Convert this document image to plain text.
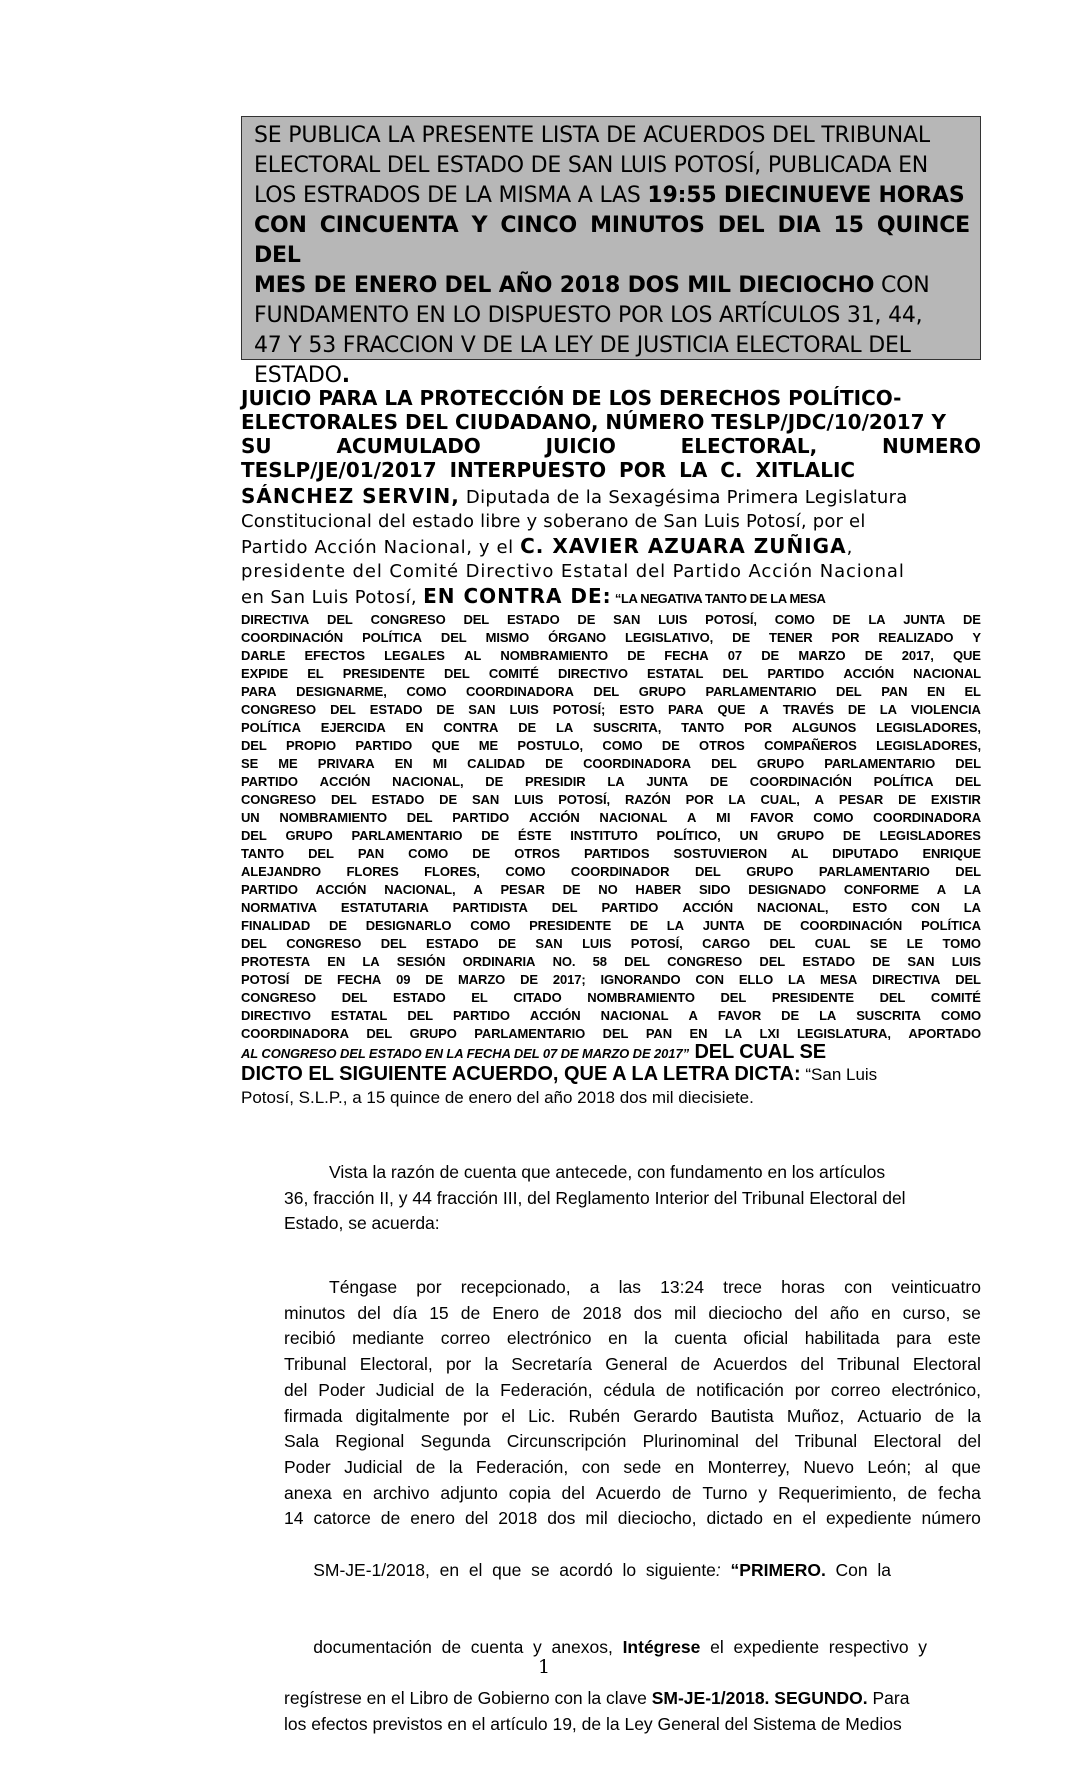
SE PUBLICA LA PRESENTE LISTA DE ACUERDOS DEL TRIBUNAL
ELECTORAL DEL ESTADO DE SAN LUIS POTOSÍ, PUBLICADA EN
LOS ESTRADOS DE LA MISMA A LAS 19:55 DIECINUEVE HORAS
CON CINCUENTA Y CINCO MINUTOS DEL DIA 15 QUINCE DEL
MES DE ENERO DEL AÑO 2018 DOS MIL DIECIOCHO CON
FUNDAMENTO EN LO DISPUESTO POR LOS ARTÍCULOS 31, 44,
47 Y 53 FRACCION V DE LA LEY DE JUSTICIA ELECTORAL DEL
ESTADO.
JUICIO PARA LA PROTECCIÓN DE LOS DERECHOS POLÍTICO-
ELECTORALES DEL CIUDADANO, NÚMERO TESLP/JDC/10/2017 Y
SU	ACUMULADO	JUICIO	ELECTORAL,	NUMERO
TESLP/JE/01/2017 INTERPUESTO POR LA C. XITLALIC
SÁNCHEZ SERVIN, Diputada de la Sexagésima Primera Legislatura
Constitucional del estado libre y soberano de San Luis Potosí, por el
Partido Acción Nacional, y el C. XAVIER AZUARA ZUÑIGA,
presidente del Comité Directivo Estatal del Partido Acción Nacional
en San Luis Potosí, EN CONTRA DE: “LA NEGATIVA TANTO DE LA MESA
DIRECTIVA DEL CONGRESO DEL ESTADO DE SAN LUIS POTOSÍ, COMO DE LA JUNTA DE
COORDINACIÓN POLÍTICA DEL MISMO ÓRGANO LEGISLATIVO, DE TENER POR REALIZADO Y
DARLE EFECTOS LEGALES AL NOMBRAMIENTO DE FECHA 07 DE MARZO DE 2017, QUE
EXPIDE EL PRESIDENTE DEL COMITÉ DIRECTIVO ESTATAL DEL PARTIDO ACCIÓN NACIONAL
PARA DESIGNARME, COMO COORDINADORA DEL GRUPO PARLAMENTARIO DEL PAN EN EL
CONGRESO DEL ESTADO DE SAN LUIS POTOSÍ; ESTO PARA QUE A TRAVÉS DE LA VIOLENCIA
POLÍTICA EJERCIDA EN CONTRA DE LA SUSCRITA, TANTO POR ALGUNOS LEGISLADORES,
DEL PROPIO PARTIDO QUE ME POSTULO, COMO DE OTROS COMPAÑEROS LEGISLADORES,
SE ME PRIVARA EN MI CALIDAD DE COORDINADORA DEL GRUPO PARLAMENTARIO DEL
PARTIDO ACCIÓN NACIONAL, DE PRESIDIR LA JUNTA DE COORDINACIÓN POLÍTICA DEL
CONGRESO DEL ESTADO DE SAN LUIS POTOSÍ, RAZÓN POR LA CUAL, A PESAR DE EXISTIR
UN NOMBRAMIENTO DEL PARTIDO ACCIÓN NACIONAL A MI FAVOR COMO COORDINADORA
DEL GRUPO PARLAMENTARIO DE ÉSTE INSTITUTO POLÍTICO, UN GRUPO DE LEGISLADORES
TANTO DEL PAN COMO DE OTROS PARTIDOS SOSTUVIERON AL DIPUTADO ENRIQUE
ALEJANDRO FLORES FLORES, COMO COORDINADOR DEL GRUPO PARLAMENTARIO DEL
PARTIDO ACCIÓN NACIONAL, A PESAR DE NO HABER SIDO DESIGNADO CONFORME A LA
NORMATIVA ESTATUTARIA PARTIDISTA DEL PARTIDO ACCIÓN NACIONAL, ESTO CON LA
FINALIDAD DE DESIGNARLO COMO PRESIDENTE DE LA JUNTA DE COORDINACIÓN POLÍTICA
DEL CONGRESO DEL ESTADO DE SAN LUIS POTOSÍ, CARGO DEL CUAL SE LE TOMO
PROTESTA EN LA SESIÓN ORDINARIA NO. 58 DEL CONGRESO DEL ESTADO DE SAN LUIS
POTOSÍ DE FECHA 09 DE MARZO DE 2017; IGNORANDO CON ELLO LA MESA DIRECTIVA DEL
CONGRESO DEL ESTADO EL CITADO NOMBRAMIENTO DEL PRESIDENTE DEL COMITÉ
DIRECTIVO ESTATAL DEL PARTIDO ACCIÓN NACIONAL A FAVOR DE LA SUSCRITA COMO
COORDINADORA DEL GRUPO PARLAMENTARIO DEL PAN EN LA LXI LEGISLATURA, APORTADO
AL CONGRESO DEL ESTADO EN LA FECHA DEL 07 DE MARZO DE 2017” DEL CUAL SE
DICTO EL SIGUIENTE ACUERDO, QUE A LA LETRA DICTA: “San Luis
Potosí, S.L.P., a 15 quince de enero del año 2018 dos mil diecisiete.
Vista la razón de cuenta que antecede, con fundamento en los artículos
36, fracción II, y 44 fracción III, del Reglamento Interior del Tribunal Electoral del
Estado, se acuerda:
Téngase por recepcionado, a las 13:24 trece horas con veinticuatro
minutos del día 15 de Enero de 2018 dos mil dieciocho del año en curso, se
recibió mediante correo electrónico en la cuenta oficial habilitada para este
Tribunal Electoral, por la Secretaría General de Acuerdos del Tribunal Electoral
del Poder Judicial de la Federación, cédula de notificación por correo electrónico,
firmada digitalmente por el Lic. Rubén Gerardo Bautista Muñoz, Actuario de la
Sala Regional Segunda Circunscripción Plurinominal del Tribunal Electoral del
Poder Judicial de la Federación, con sede en Monterrey, Nuevo León; al que
anexa en archivo adjunto copia del Acuerdo de Turno y Requerimiento, de fecha
14 catorce de enero del 2018 dos mil dieciocho, dictado en el expediente número

SM-JE-1/2018,  en  el  que  se  acordó  lo  siguiente:  “PRIMERO.  Con  la

documentación  de  cuenta  y  anexos,  Intégrese  el  expediente  respectivo  y

regístrese en el Libro de Gobierno con la clave SM-JE-1/2018. SEGUNDO. Para
los efectos previstos en el artículo 19, de la Ley General del Sistema de Medios
1
